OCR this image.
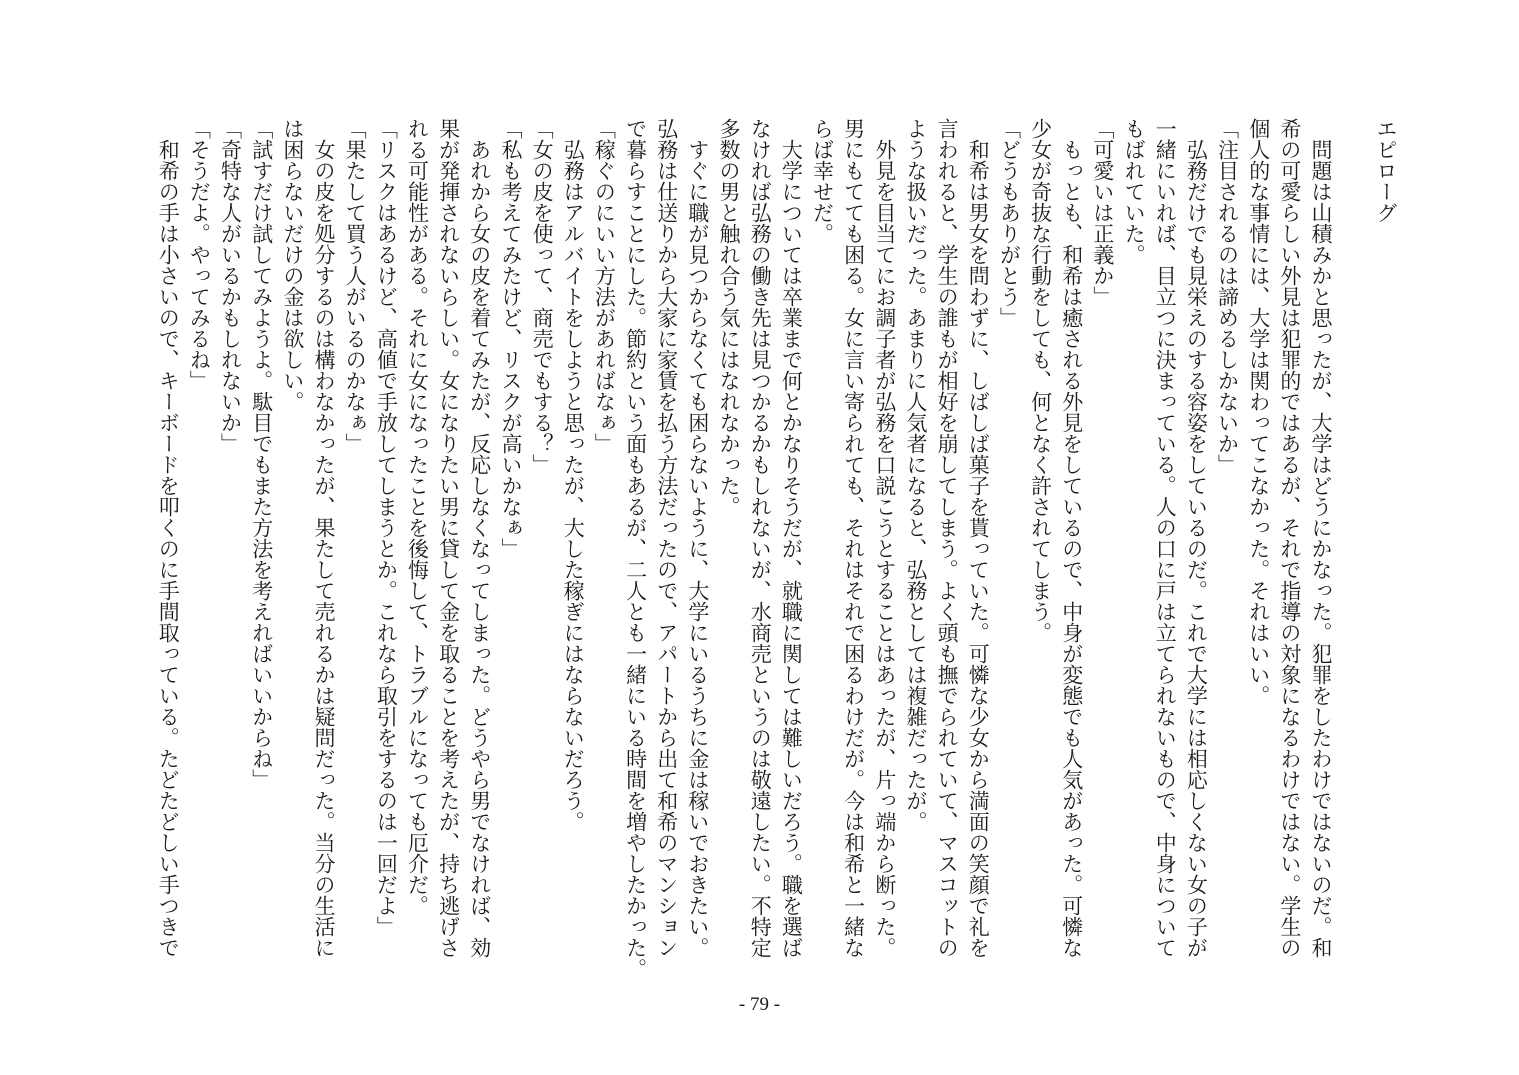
エピローグ
問題は山積みかと思ったが、大学はどうにかなった。犯罪をしたわけではないのだ。和
希の可愛らしい外見は犯罪的ではあるが、それで指導の対象になるわけではない。学生の
個人的な事情には、大学は関わってこなかった。それはいい。
「注目されるのは諦めるしかないか」
弘務だけでも見栄えのする容姿をしているのだ。これで大学には相応しくない女の子が
一緒にいれば、目立つに決まっている。人の口に戸は立てられないもので、中身について
もばれていた。
「可愛いは正義か」
もっとも、和希は癒される外見をしているので、中身が変態でも人気があった。可憐な
少女が奇抜な行動をしても、何となく許されてしまう。
「どうもありがとう」
和希は男女を問わずに、しばしば菓子を貰っていた。可憐な少女から満面の笑顔で礼を
言われると、学生の誰もが相好を崩してしまう。よく頭も撫でられていて、マスコットの
ような扱いだった。あまりに人気者になると、弘務としては複雑だったが。
外見を目当てにお調子者が弘務を口説こうとすることはあったが、片っ端から断った。
男にもてても困る。女に言い寄られても、それはそれで困るわけだが。今は和希と一緒な
らば幸せだ。
大学については卒業まで何とかなりそうだが、就職に関しては難しいだろう。職を選ば
なければ弘務の働き先は見つかるかもしれないが、水商売というのは敬遠したい。不特定
多数の男と触れ合う気にはなれなかった。
すぐに職が見つからなくても困らないように、大学にいるうちに金は稼いでおきたい。
弘務は仕送りから大家に家賃を払う方法だったので、アパートから出て和希のマンション
で暮らすことにした。節約という面もあるが、二人とも一緒にいる時間を増やしたかった。
「稼ぐのにいい方法があればなぁ」
弘務はアルバイトをしようと思ったが、大した稼ぎにはならないだろう。
「女の皮を使って、商売でもする？」
「私も考えてみたけど、リスクが高いかなぁ」
あれから女の皮を着てみたが、反応しなくなってしまった。どうやら男でなければ、効
果が発揮されないらしい。女になりたい男に貸して金を取ることを考えたが、持ち逃げさ
れる可能性がある。それに女になったことを後悔して、トラブルになっても厄介だ。
「リスクはあるけど、高値で手放してしまうとか。これなら取引をするのは一回だよ」
「果たして買う人がいるのかなぁ」
女の皮を処分するのは構わなかったが、果たして売れるかは疑問だった。当分の生活に
は困らないだけの金は欲しい。
「試すだけ試してみようよ。駄目でもまた方法を考えればいいからね」
「奇特な人がいるかもしれないか」
「そうだよ。やってみるね」
和希の手は小さいので、キーボードを叩くのに手間取っている。たどたどしい手つきで
- 79 -
